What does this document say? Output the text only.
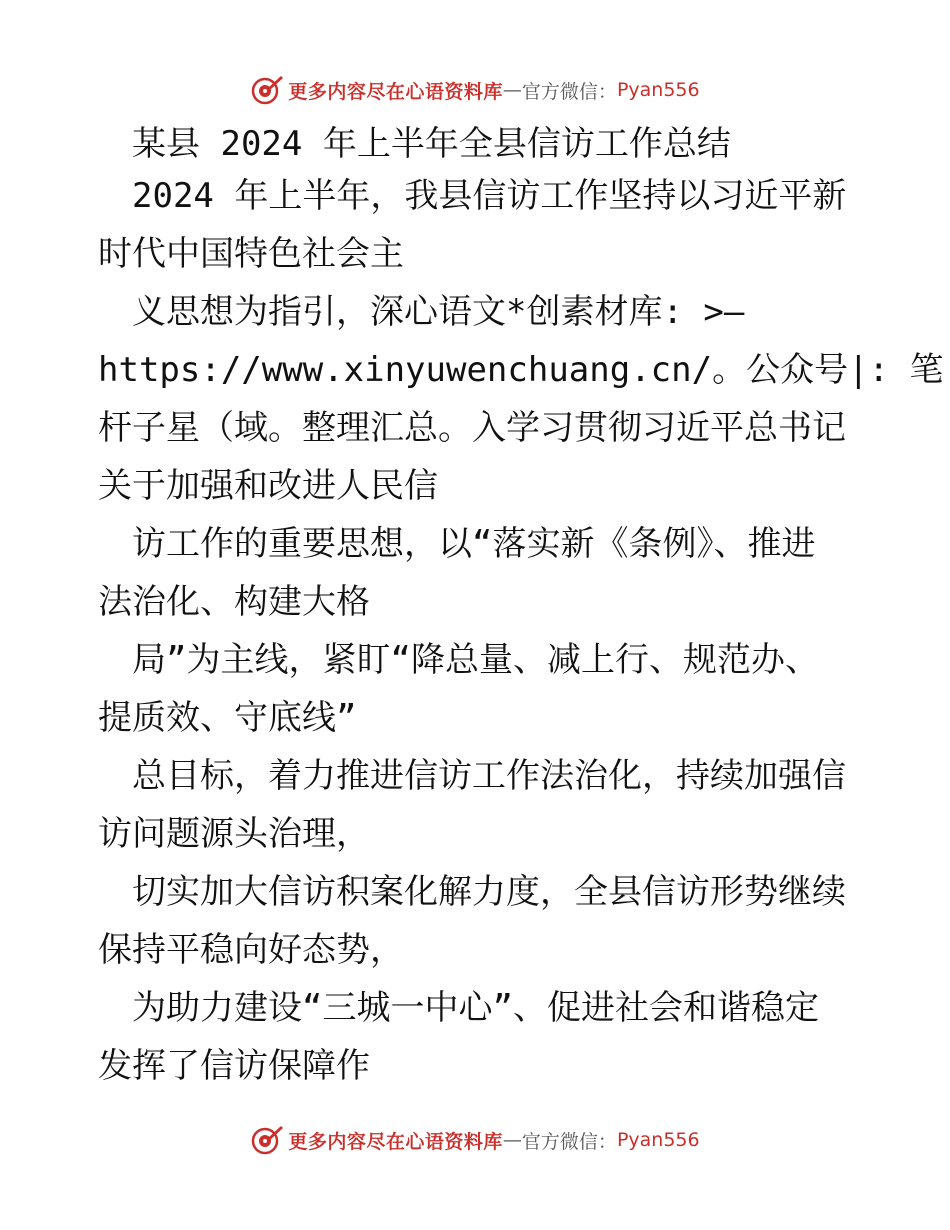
更多内容尽在心语资料库 — 官方微信： Pyan556
　某县 2024 年上半年全县信访工作总结
　2024 年上半年，我县信访工作坚持以习近平新
时代中国特色社会主
　义思想为指引，深心语文*创素材库: >—
https://www.xinyuwenchuang.cn/。公众号|: 笔
杆子星（域。整理汇总。入学习贯彻习近平总书记
关于加强和改进人民信
　访工作的重要思想，以“落实新《条例》、推进
法治化、构建大格
　局”为主线，紧盯“降总量、减上行、规范办、
提质效、守底线”
　总目标，着力推进信访工作法治化，持续加强信
访问题源头治理，
　切实加大信访积案化解力度，全县信访形势继续
保持平稳向好态势，
　为助力建设“三城一中心”、促进社会和谐稳定
发挥了信访保障作
更多内容尽在心语资料库 — 官方微信： Pyan556
